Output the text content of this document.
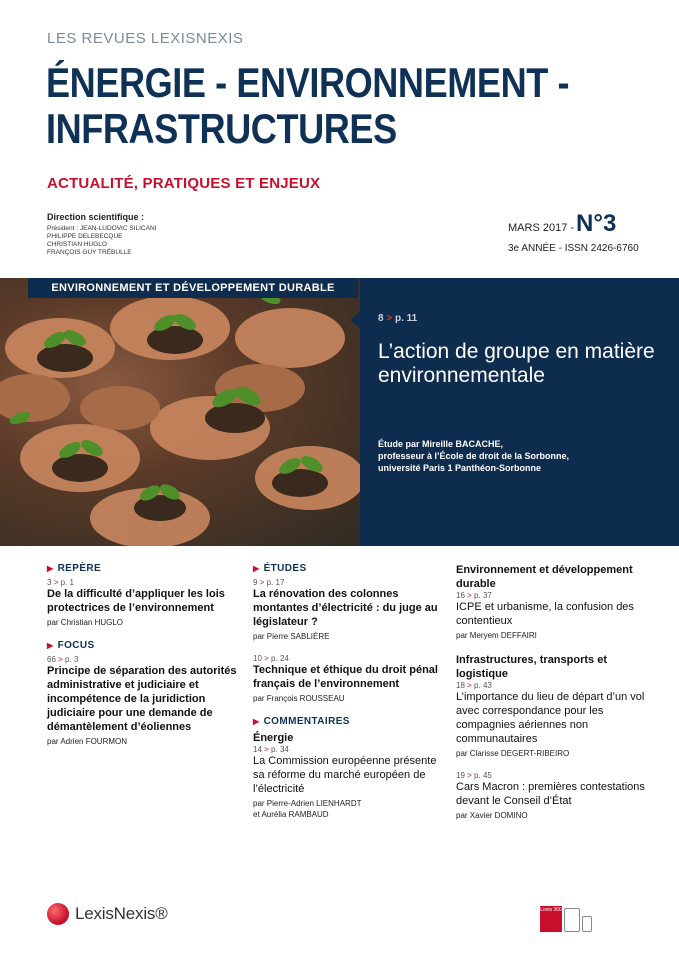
LES REVUES LEXISNEXIS
ÉNERGIE - ENVIRONNEMENT -
INFRASTRUCTURES
ACTUALITÉ, PRATIQUES ET ENJEUX
Direction scientifique :
Président : JEAN-LUDOVIC SILICANI
PHILIPPE DELEBECQUE
CHRISTIAN HUGLO
FRANÇOIS GUY TRÉBULLE
MARS 2017 - N°3
3e ANNÉE - ISSN 2426-6760
ENVIRONNEMENT ET DÉVELOPPEMENT DURABLE
8 > p. 11
L’action de groupe en matière environnementale
Étude par Mireille BACACHE,
professeur à l’École de droit de la Sorbonne,
université Paris 1 Panthéon-Sorbonne
▶ REPÈRE
3 > p. 1
De la difficulté d’appliquer les lois protectrices de l’environnement
par Christian HUGLO
▶ FOCUS
66 > p. 3
Principe de séparation des autorités administrative et judiciaire et incompétence de la juridiction judiciaire pour une demande de démantèlement d’éoliennes
par Adrien FOURMON
▶ ÉTUDES
9 > p. 17
La rénovation des colonnes montantes d’électricité : du juge au législateur ?
par Pierre SABLIÈRE
10 > p. 24
Technique et éthique du droit pénal français de l’environnement
par François ROUSSEAU
▶ COMMENTAIRES
Énergie
14 > p. 34
La Commission européenne présente sa réforme du marché européen de l’électricité
par Pierre-Adrien LIENHARDT
et Aurélia RAMBAUD
Environnement et développement durable
16 > p. 37
ICPE et urbanisme, la confusion des contentieux
par Meryem DEFFAIRI
Infrastructures, transports et logistique
18 > p. 43
L’importance du lieu de départ d’un vol avec correspondance pour les compagnies aériennes non communautaires
par Clarisse DEGERT-RIBEIRO
19 > p. 45
Cars Macron : premières contestations devant le Conseil d’État
par Xavier DOMINO
LexisNexis®	Lexis 360
